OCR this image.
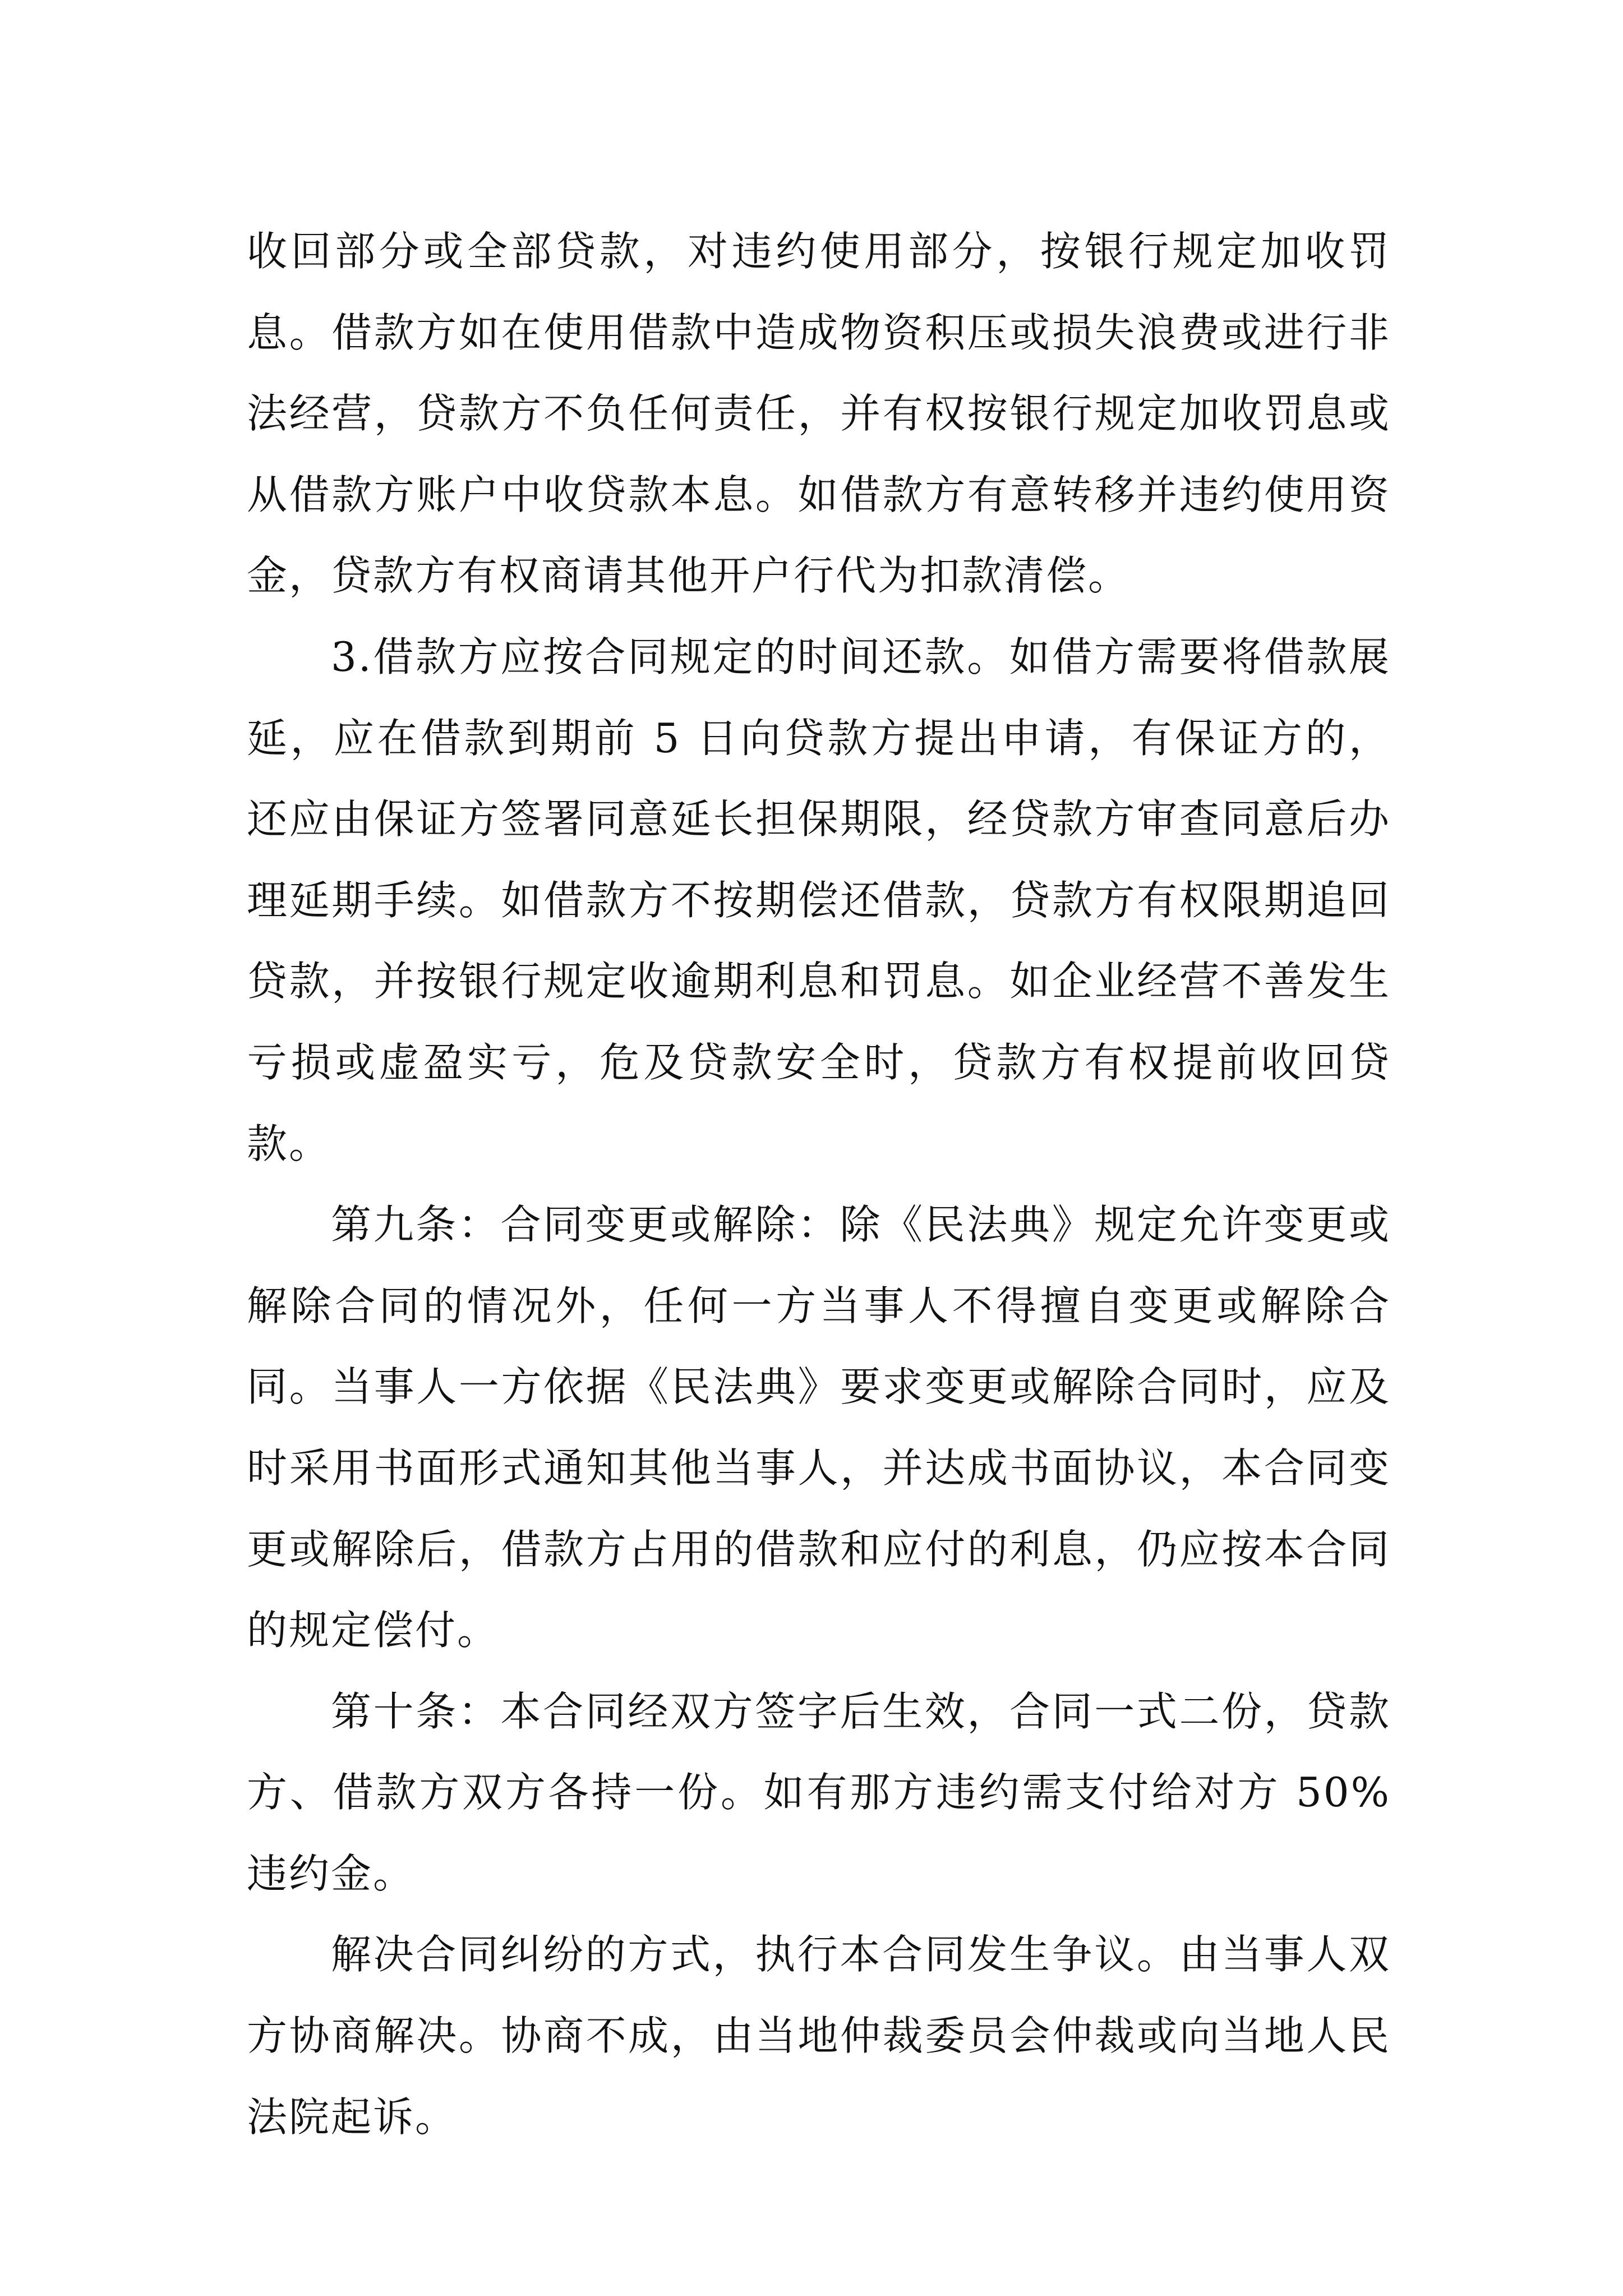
收回部分或全部贷款，对违约使用部分，按银行规定加收罚息。借款方如在使用借款中造成物资积压或损失浪费或进行非法经营，贷款方不负任何责任，并有权按银行规定加收罚息或从借款方账户中收贷款本息。如借款方有意转移并违约使用资金，贷款方有权商请其他开户行代为扣款清偿。

3.借款方应按合同规定的时间还款。如借方需要将借款展延，应在借款到期前 5 日向贷款方提出申请，有保证方的，还应由保证方签署同意延长担保期限，经贷款方审查同意后办理延期手续。如借款方不按期偿还借款，贷款方有权限期追回贷款，并按银行规定收逾期利息和罚息。如企业经营不善发生亏损或虚盈实亏，危及贷款安全时，贷款方有权提前收回贷款。

第九条：合同变更或解除：除《民法典》规定允许变更或解除合同的情况外，任何一方当事人不得擅自变更或解除合同。当事人一方依据《民法典》要求变更或解除合同时，应及时采用书面形式通知其他当事人，并达成书面协议，本合同变更或解除后，借款方占用的借款和应付的利息，仍应按本合同的规定偿付。

第十条：本合同经双方签字后生效，合同一式二份，贷款方、借款方双方各持一份。如有那方违约需支付给对方 50%违约金。

解决合同纠纷的方式，执行本合同发生争议。由当事人双方协商解决。协商不成，由当地仲裁委员会仲裁或向当地人民法院起诉。
